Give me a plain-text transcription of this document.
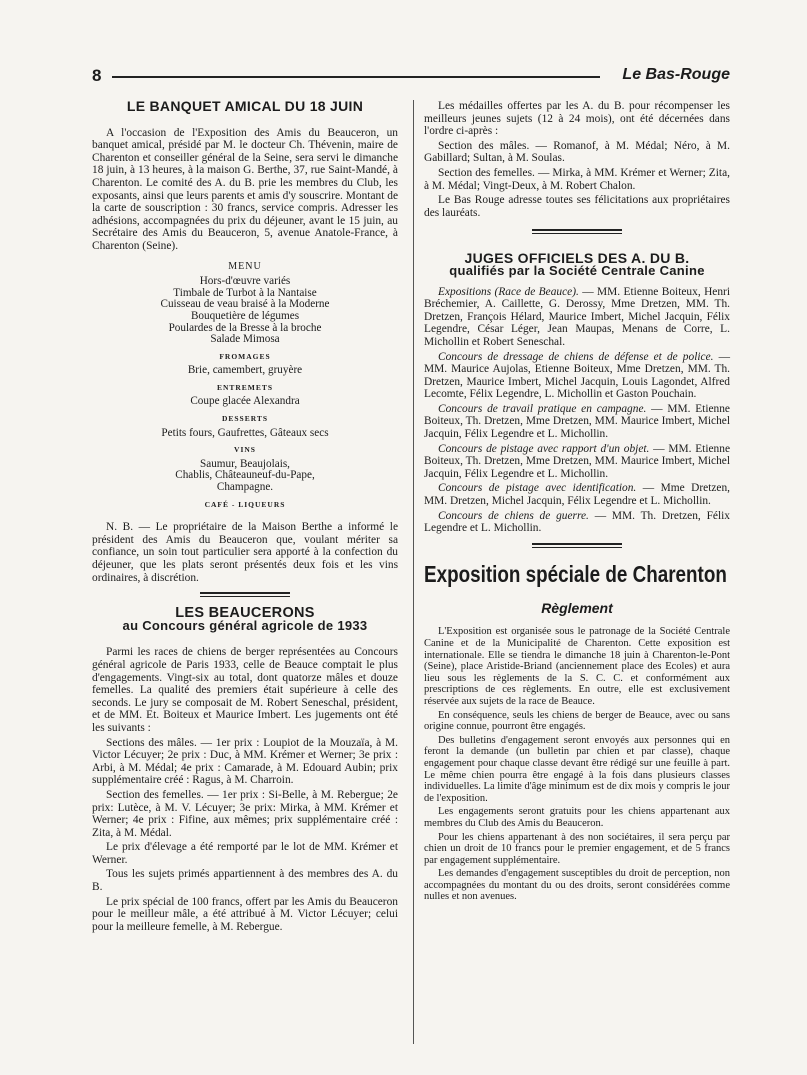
8	Le Bas-Rouge
LE BANQUET AMICAL DU 18 JUIN

A l'occasion de l'Exposition des Amis du Beauceron, un banquet amical, présidé par M. le docteur Ch. Thévenin, maire de Charenton et conseiller général de la Seine, sera servi le dimanche 18 juin, à 13 heures, à la maison G. Berthe, 37, rue Saint-Mandé, à Charenton. Le comité des A. du B. prie les membres du Club, les exposants, ainsi que leurs parents et amis d'y souscrire. Montant de la carte de souscription : 30 francs, service compris. Adresser les adhésions, accompagnées du prix du déjeuner, avant le 15 juin, au Secrétaire des Amis du Beauceron, 5, avenue Anatole-France, à Charenton (Seine).

MENU
Hors-d'œuvre variés
Timbale de Turbot à la Nantaise
Cuisseau de veau braisé à la Moderne
Bouquetière de légumes
Poulardes de la Bresse à la broche
Salade Mimosa
FROMAGES
Brie, camembert, gruyère
ENTREMETS
Coupe glacée Alexandra
DESSERTS
Petits fours, Gaufrettes, Gâteaux secs
VINS
Saumur, Beaujolais,
Chablis, Châteauneuf-du-Pape,
Champagne.
CAFÉ - LIQUEURS

N. B. — Le propriétaire de la Maison Berthe a informé le président des Amis du Beauceron que, voulant mériter sa confiance, un soin tout particulier sera apporté à la confection du déjeuner, que les plats seront présentés deux fois et les vins ordinaires, à discrétion.

LES BEAUCERONS
au Concours général agricole de 1933

Parmi les races de chiens de berger représentées au Concours général agricole de Paris 1933, celle de Beauce comptait le plus d'engagements. Vingt-six au total, dont quatorze mâles et douze femelles. La qualité des premiers était supérieure à celle des seconds. Le jury se composait de M. Robert Seneschal, président, et de MM. Et. Boiteux et Maurice Imbert. Les jugements ont été les suivants :

Sections des mâles. — 1er prix : Loupiot de la Mouzaïa, à M. Victor Lécuyer; 2e prix : Duc, à MM. Krémer et Werner; 3e prix : Arbi, à M. Médal; 4e prix : Camarade, à M. Edouard Aubin; prix supplémentaire créé : Ragus, à M. Charroin.

Section des femelles. — 1er prix : Si-Belle, à M. Rebergue; 2e prix: Lutèce, à M. V. Lécuyer; 3e prix: Mirka, à MM. Krémer et Werner; 4e prix : Fifine, aux mêmes; prix supplémentaire créé : Zita, à M. Médal.

Le prix d'élevage a été remporté par le lot de MM. Krémer et Werner.

Tous les sujets primés appartiennent à des membres des A. du B.

Le prix spécial de 100 francs, offert par les Amis du Beauceron pour le meilleur mâle, a été attribué à M. Victor Lécuyer; celui pour la meilleure femelle, à M. Rebergue.

Les médailles offertes par les A. du B. pour récompenser les meilleurs jeunes sujets (12 à 24 mois), ont été décernées dans l'ordre ci-après :

Section des mâles. — Romanof, à M. Médal; Néro, à M. Gabillard; Sultan, à M. Soulas.

Section des femelles. — Mirka, à MM. Krémer et Werner; Zita, à M. Médal; Vingt-Deux, à M. Robert Chalon.

Le Bas Rouge adresse toutes ses félicitations aux propriétaires des lauréats.

JUGES OFFICIELS DES A. DU B.
qualifiés par la Société Centrale Canine

Expositions (Race de Beauce). — MM. Etienne Boiteux, Henri Bréchemier, A. Caillette, G. Derossy, Mme Dretzen, MM. Th. Dretzen, François Hélard, Maurice Imbert, Michel Jacquin, Félix Legendre, César Léger, Jean Maupas, Menans de Corre, L. Michollin et Robert Seneschal.

Concours de dressage de chiens de défense et de police. — MM. Maurice Aujolas, Etienne Boiteux, Mme Dretzen, MM. Th. Dretzen, Maurice Imbert, Michel Jacquin, Louis Lagondet, Alfred Lecomte, Félix Legendre, L. Michollin et Gaston Pouchain.

Concours de travail pratique en campagne. — MM. Etienne Boiteux, Th. Dretzen, Mme Dretzen, MM. Maurice Imbert, Michel Jacquin, Félix Legendre et L. Michollin.

Concours de pistage avec rapport d'un objet. — MM. Etienne Boiteux, Th. Dretzen, Mme Dretzen, MM. Maurice Imbert, Michel Jacquin, Félix Legendre et L. Michollin.

Concours de pistage avec identification. — Mme Dretzen, MM. Dretzen, Michel Jacquin, Félix Legendre et L. Michollin.

Concours de chiens de guerre. — MM. Th. Dretzen, Félix Legendre et L. Michollin.

Exposition spéciale de Charenton
Règlement

L'Exposition est organisée sous le patronage de la Société Centrale Canine et de la Municipalité de Charenton. Cette exposition est internationale. Elle se tiendra le dimanche 18 juin à Charenton-le-Pont (Seine), place Aristide-Briand (anciennement place des Ecoles) et aura lieu sous les règlements de la S. C. C. et conformément aux prescriptions de ces règlements. En outre, elle est exclusivement réservée aux sujets de la race de Beauce.

En conséquence, seuls les chiens de berger de Beauce, avec ou sans origine connue, pourront être engagés.

Des bulletins d'engagement seront envoyés aux personnes qui en feront la demande (un bulletin par chien et par classe), chaque engagement pour chaque classe devant être rédigé sur une feuille à part. Le même chien pourra être engagé à la fois dans plusieurs classes individuelles. La limite d'âge minimum est de dix mois y compris le jour de l'exposition.

Les engagements seront gratuits pour les chiens appartenant aux membres du Club des Amis du Beauceron.

Pour les chiens appartenant à des non sociétaires, il sera perçu par chien un droit de 10 francs pour le premier engagement, et de 5 francs par engagement supplémentaire.

Les demandes d'engagement susceptibles du droit de perception, non accompagnées du montant du ou des droits, seront considérées comme nulles et non avenues.
